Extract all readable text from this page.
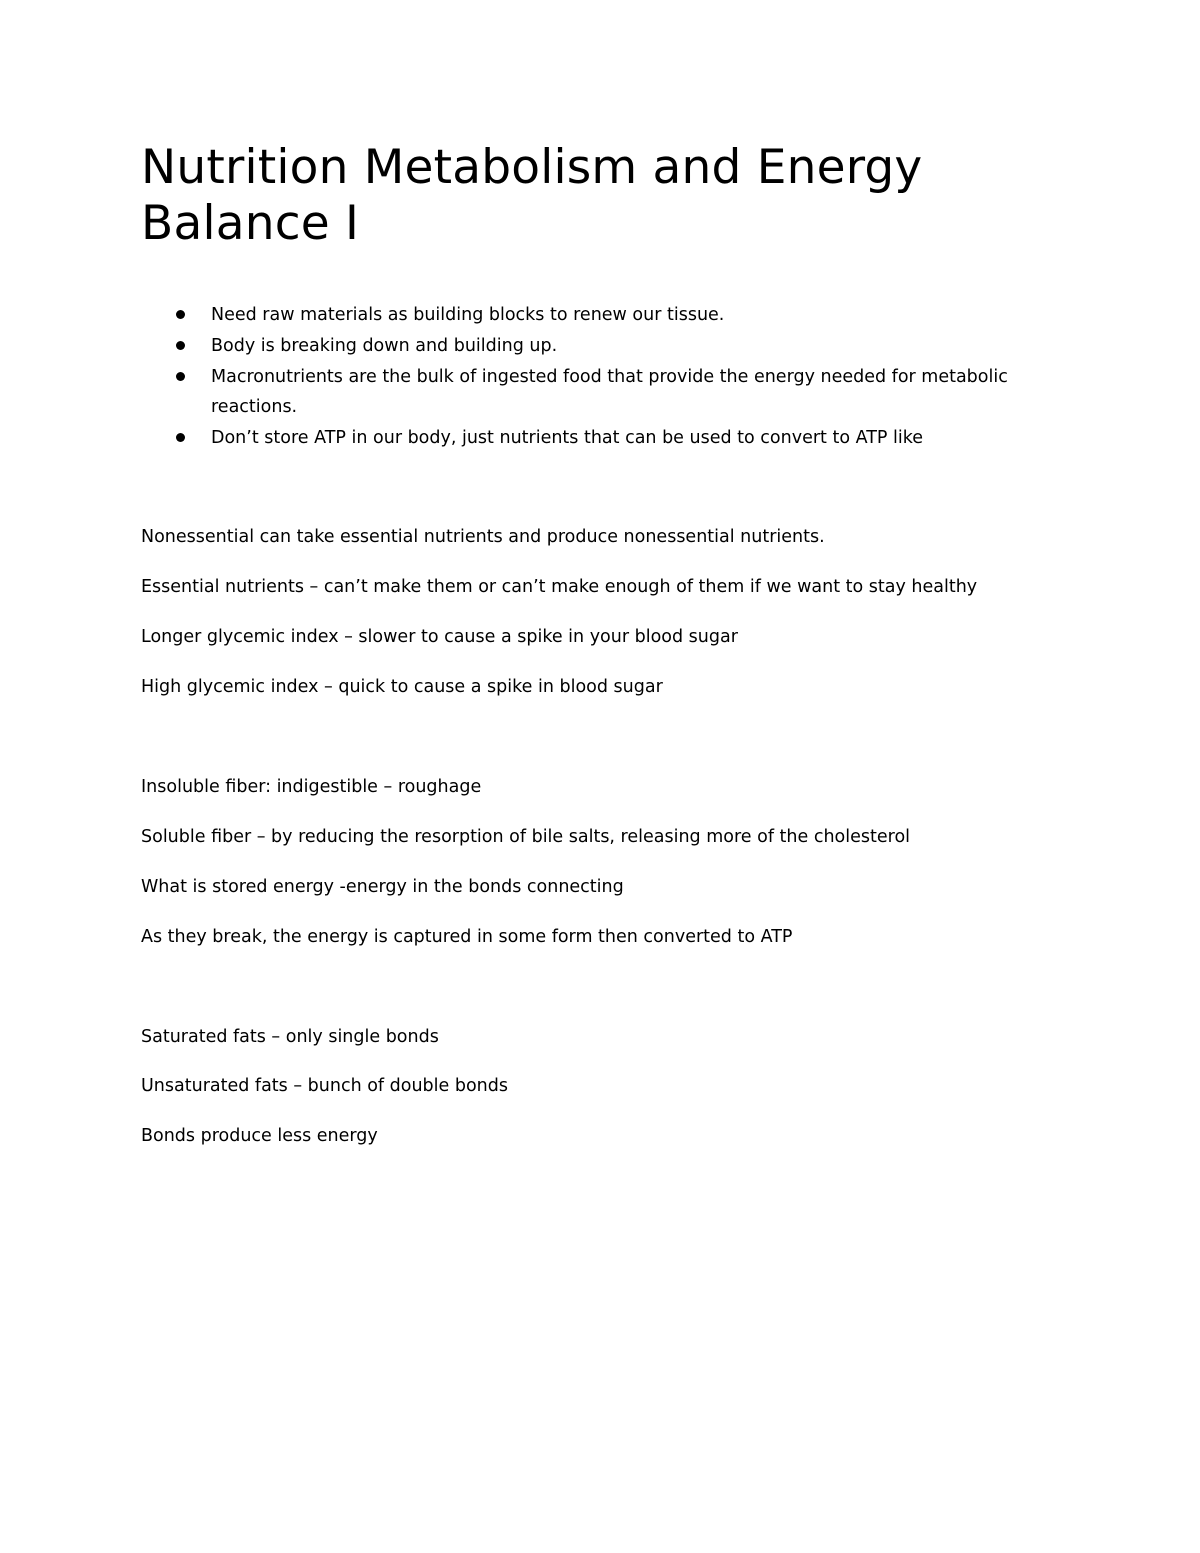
Nutrition Metabolism and Energy
Balance I
Need raw materials as building blocks to renew our tissue.
Body is breaking down and building up.
Macronutrients are the bulk of ingested food that provide the energy needed for metabolic reactions.
Don’t store ATP in our body, just nutrients that can be used to convert to ATP like

Nonessential can take essential nutrients and produce nonessential nutrients.

Essential nutrients – can’t make them or can’t make enough of them if we want to stay healthy

Longer glycemic index – slower to cause a spike in your blood sugar

High glycemic index – quick to cause a spike in blood sugar

Insoluble fiber: indigestible – roughage

Soluble fiber – by reducing the resorption of bile salts, releasing more of the cholesterol

What is stored energy -energy in the bonds connecting

As they break, the energy is captured in some form then converted to ATP

Saturated fats – only single bonds

Unsaturated fats – bunch of double bonds

Bonds produce less energy
